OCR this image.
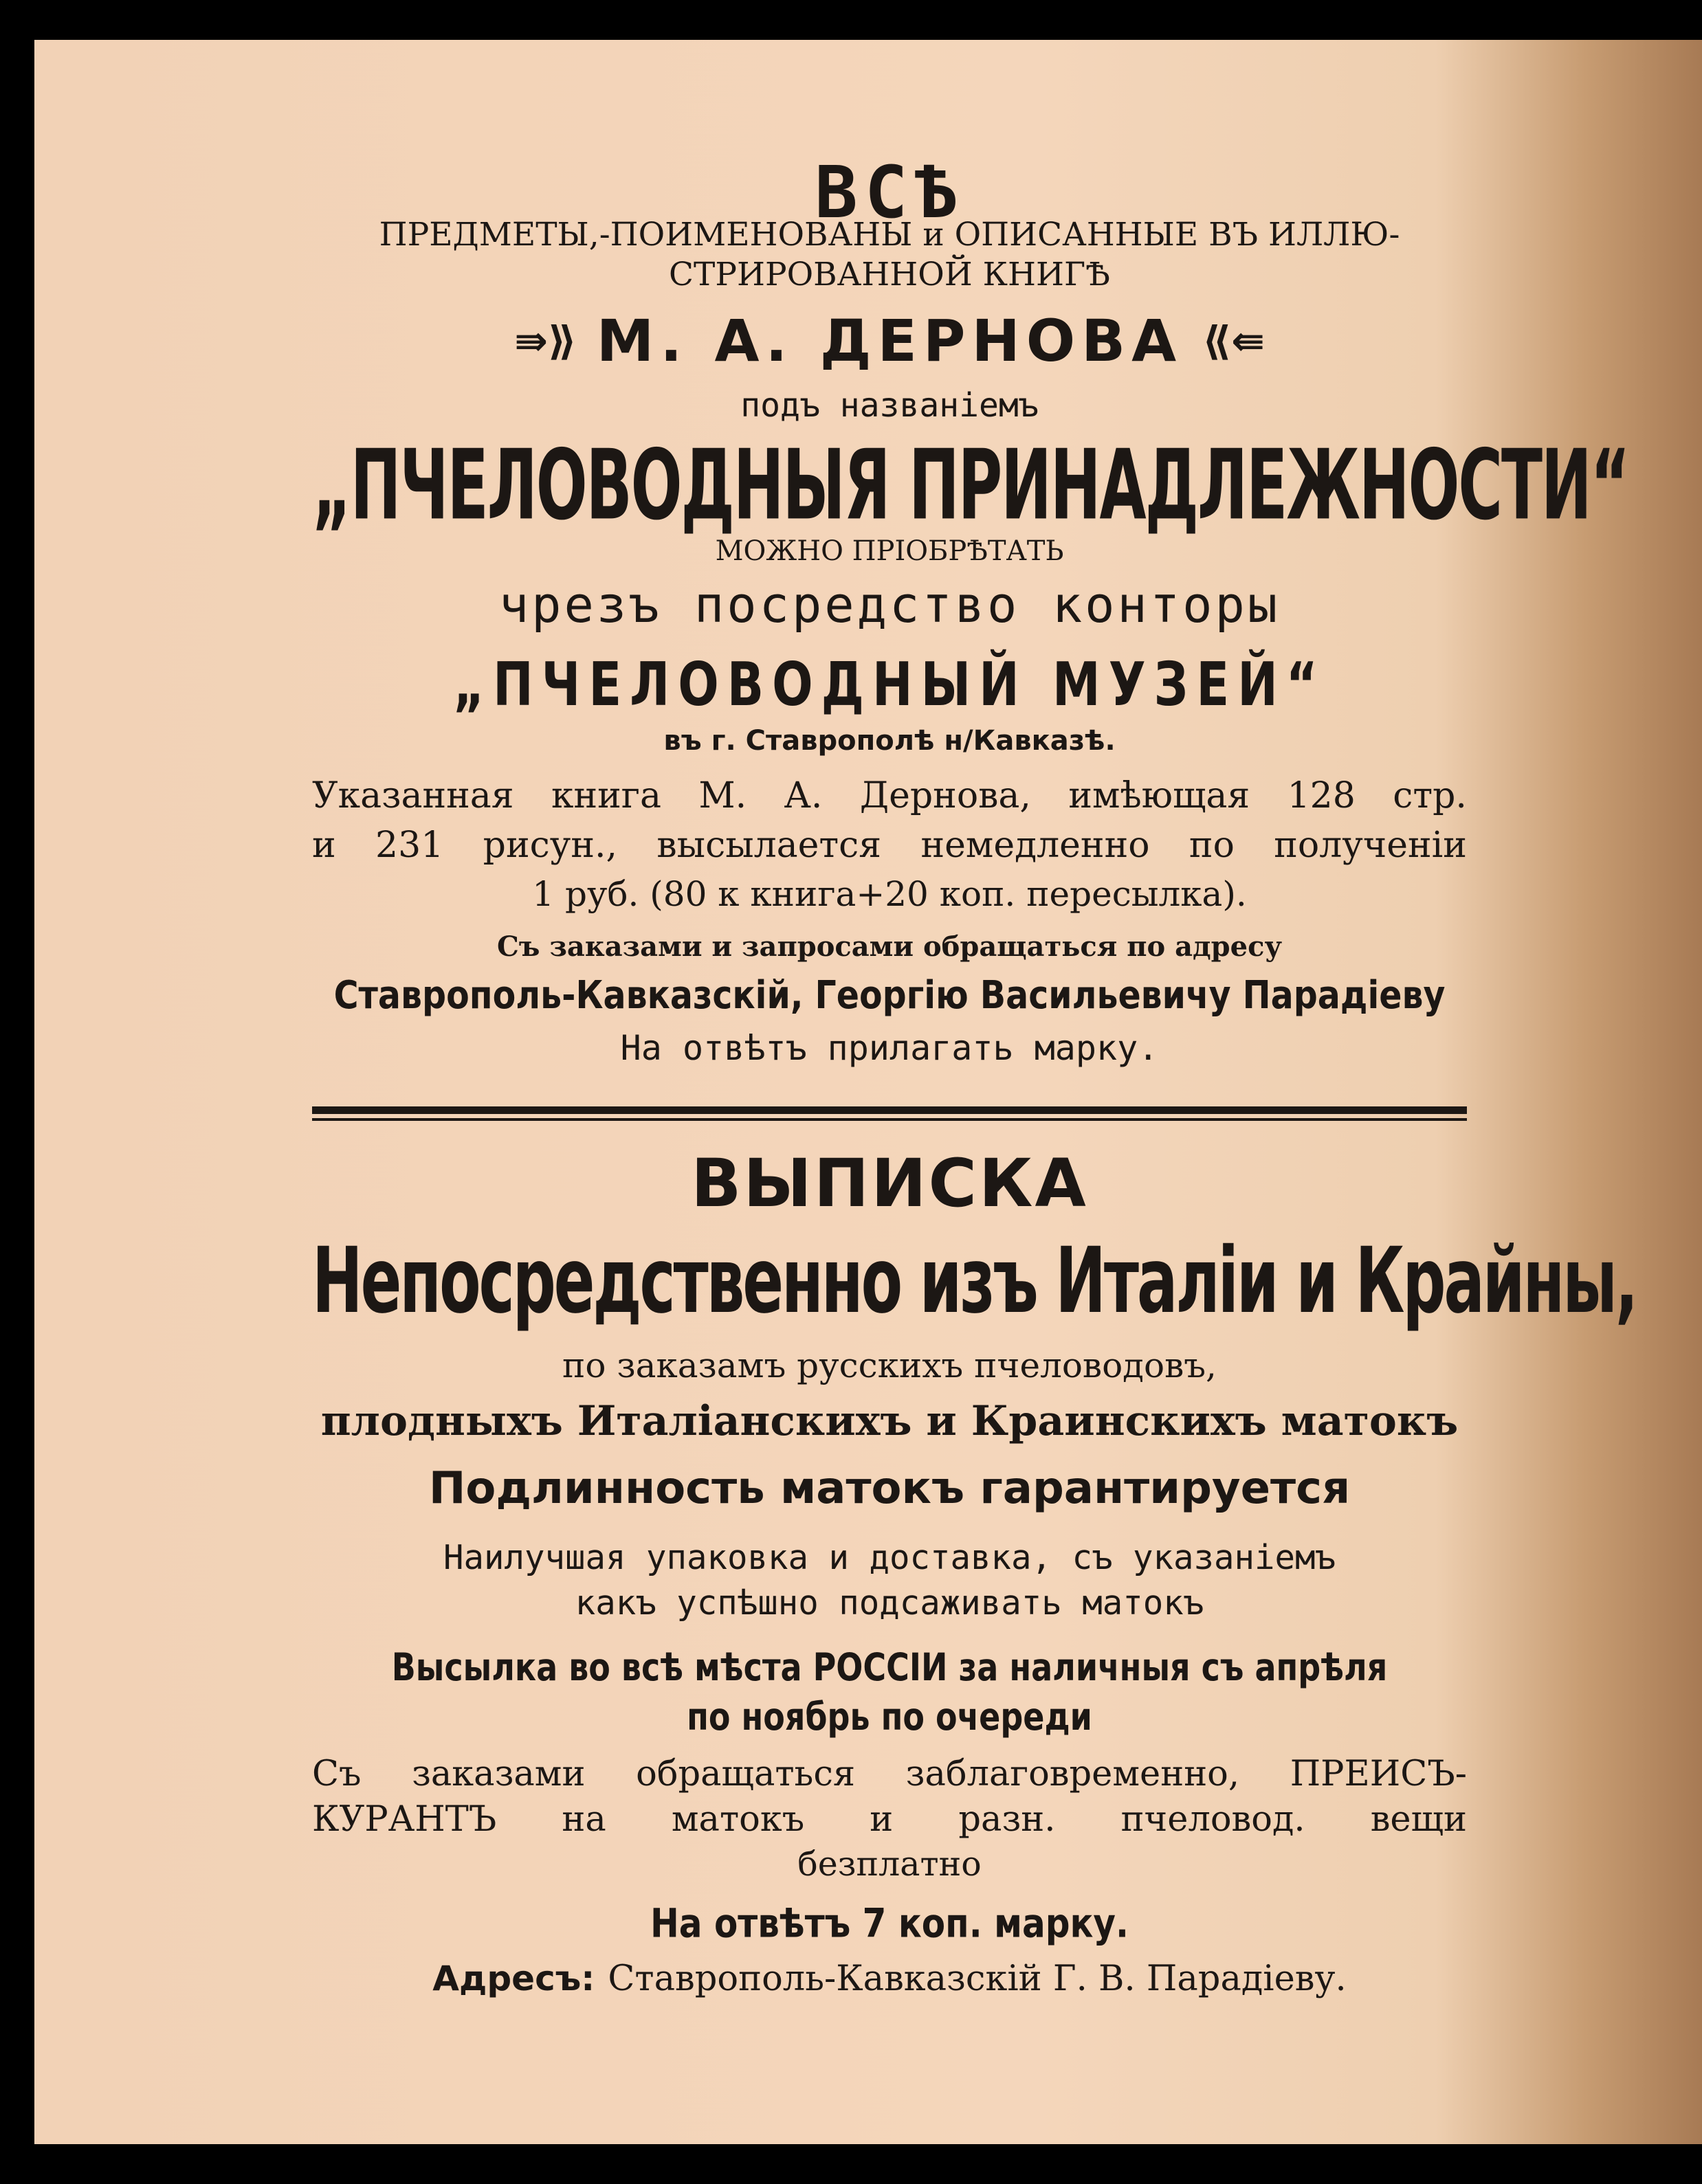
ВСѢ
ПРЕДМЕТЫ,-ПОИМЕНОВАНЫ и ОПИСАННЫЕ ВЪ ИЛЛЮ-
СТРИРОВАННОЙ КНИГѢ
⇛⟫ М. А. ДЕРНОВА ⟪⇚
подъ названіемъ
„ПЧЕЛОВОДНЫЯ ПРИНАДЛЕЖНОСТИ“
МОЖНО ПРІОБРѢТАТЬ
чрезъ посредство конторы
„ПЧЕЛОВОДНЫЙ МУЗЕЙ“
въ г. Ставрополѣ н/Кавказѣ.
Указанная книга М. А. Дернова, имѣющая 128 стр.
и 231 рисун., высылается немедленно по полученіи
1 руб. (80 к книга+20 коп. пересылка).
Съ заказами и запросами обращаться по адресу
Ставрополь-Кавказскій, Георгію Васильевичу Парадіеву
На отвѣтъ прилагать марку.
ВЫПИСКА
Непосредственно изъ Италіи и Крайны,
по заказамъ русскихъ пчеловодовъ,
плодныхъ Италіанскихъ и Краинскихъ матокъ
Подлинность матокъ гарантируется
Наилучшая упаковка и доставка, съ указаніемъ
какъ успѣшно подсаживать матокъ
Высылка во всѣ мѣста РОССІИ за наличныя съ апрѣля
по ноябрь по очереди
Съ заказами обращаться заблаговременно, ПРЕИСЪ-
КУРАНТЪ на матокъ и разн. пчеловод. вещи
безплатно
На отвѣтъ 7 коп. марку.
Адресъ: Ставрополь-Кавказскій Г. В. Парадіеву.
